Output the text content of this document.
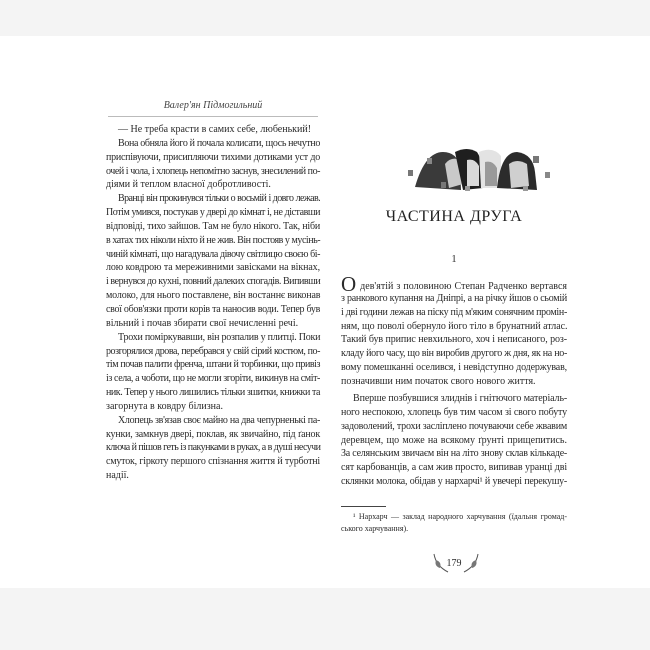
Валер'ян Підмогильний
— Не треба красти в самих себе, любенький!
Вона обняла його й почала колисати, щось нечутно
приспівуючи, присипляючи тихими дотиками уст до
очей і чола, і хлопець непомітно заснув, знесилений по-
діями й теплом власної добротливості.
Вранці він прокинувся тільки о восьмій і довго лежав.
Потім умився, постукав у двері до кімнат і, не діставши
відповіді, тихо зайшов. Там не було нікого. Так, ніби
в хатах тих ніколи ніхто й не жив. Він постояв у мусінь-
чиній кімнаті, що нагадувала дівочу світлицю своєю бі-
лою ковдрою та мереживними завісками на вікнах,
і вернувся до кухні, повний далеких спогадів. Випивши
молоко, для нього поставлене, він востаннє виконав
свої обов'язки проти корів та наносив води. Тепер був
вільний і почав збирати свої нечисленні речі.
Трохи поміркувавши, він розпалив у плитці. Поки
розгорялися дрова, перебрався у свій сірий костюм, по-
тім почав палити френча, штани й торбинки, що привіз
із села, а чоботи, що не могли згоріти, викинув на сміт-
ник. Тепер у нього лишились тільки зшитки, книжки та
загорнута в ковдру білизна.
Хлопець зв'язав своє майно на два чепурненькі па-
кунки, замкнув двері, поклав, як звичайно, під ґанок
ключа й пішов геть із пакунками в руках, а в душі несучи
смуток, гіркоту першого спізнання життя й турботні
надії.
ЧАСТИНА ДРУГА
1
Одев'ятій з половиною Степан Радченко вертався
з ранкового купання на Дніпрі, а на річку йшов о сьомій
і дві години лежав на піску під м'яким сонячним промін-
ням, що поволі обернуло його тіло в брунатний атлас.
Такий був припис невхильного, хоч і неписаного, роз-
кладу його часу, що він виробив другого ж дня, як на но-
вому помешканні оселився, і невідступно додержував,
позначивши ним початок свого нового життя.
Вперше позбувшися злиднів і гнітючого матеріаль-
ного неспокою, хлопець був тим часом зі свого побуту
задоволений, трохи засліплено почуваючи себе жвавим
деревцем, що може на всякому ґрунті прищепитись.
За селянським звичаєм він на літо знову склав кількаде-
сят карбованців, а сам жив просто, випивав уранці дві
склянки молока, обідав у нархарчі¹ й увечері перекушу-
¹ Нархарч — заклад народного харчування (їдальня громад-
ського харчування).
179
